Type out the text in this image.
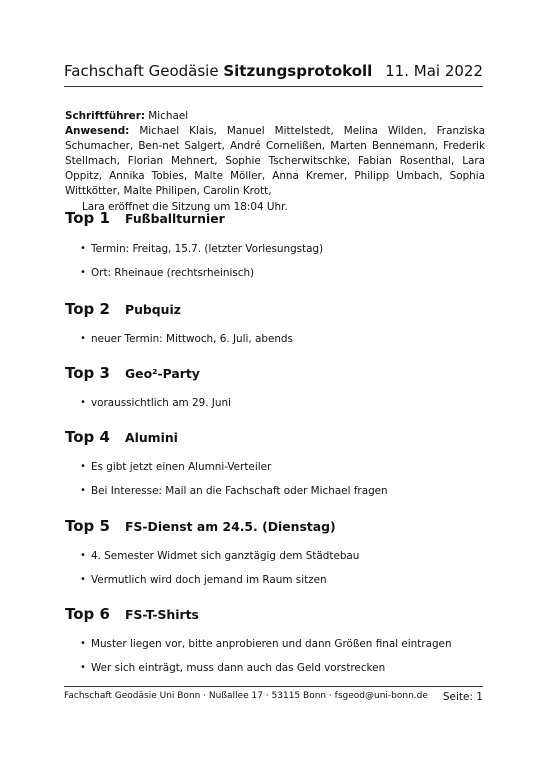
Fachschaft Geodäsie Sitzungsprotokoll 11. Mai 2022
Schriftführer: Michael
Anwesend: Michael Klais, Manuel Mittelstedt, Melina Wilden, Franziska Schumacher, Ben-net Salgert, André Cornelißen, Marten Bennemann, Frederik Stellmach, Florian Mehnert, Sophie Tscherwitschke, Fabian Rosenthal, Lara Oppitz, Annika Tobies, Malte Möller, Anna Kremer, Philipp Umbach, Sophia Wittkötter, Malte Philipen, Carolin Krott,
Lara eröffnet die Sitzung um 18:04 Uhr.
Top 1	Fußballturnier
• Termin: Freitag, 15.7. (letzter Vorlesungstag)
• Ort: Rheinaue (rechtsrheinisch)
Top 2	Pubquiz
• neuer Termin: Mittwoch, 6. Juli, abends
Top 3	Geo²-Party
• voraussichtlich am 29. Juni
Top 4	Alumini
• Es gibt jetzt einen Alumni-Verteiler
• Bei Interesse: Mail an die Fachschaft oder Michael fragen
Top 5	FS-Dienst am 24.5. (Dienstag)
• 4. Semester Widmet sich ganztägig dem Städtebau
• Vermutlich wird doch jemand im Raum sitzen
Top 6	FS-T-Shirts
• Muster liegen vor, bitte anprobieren und dann Größen final eintragen
• Wer sich einträgt, muss dann auch das Geld vorstrecken
Fachschaft Geodäsie Uni Bonn · Nußallee 17 · 53115 Bonn · fsgeod@uni-bonn.de Seite: 1
